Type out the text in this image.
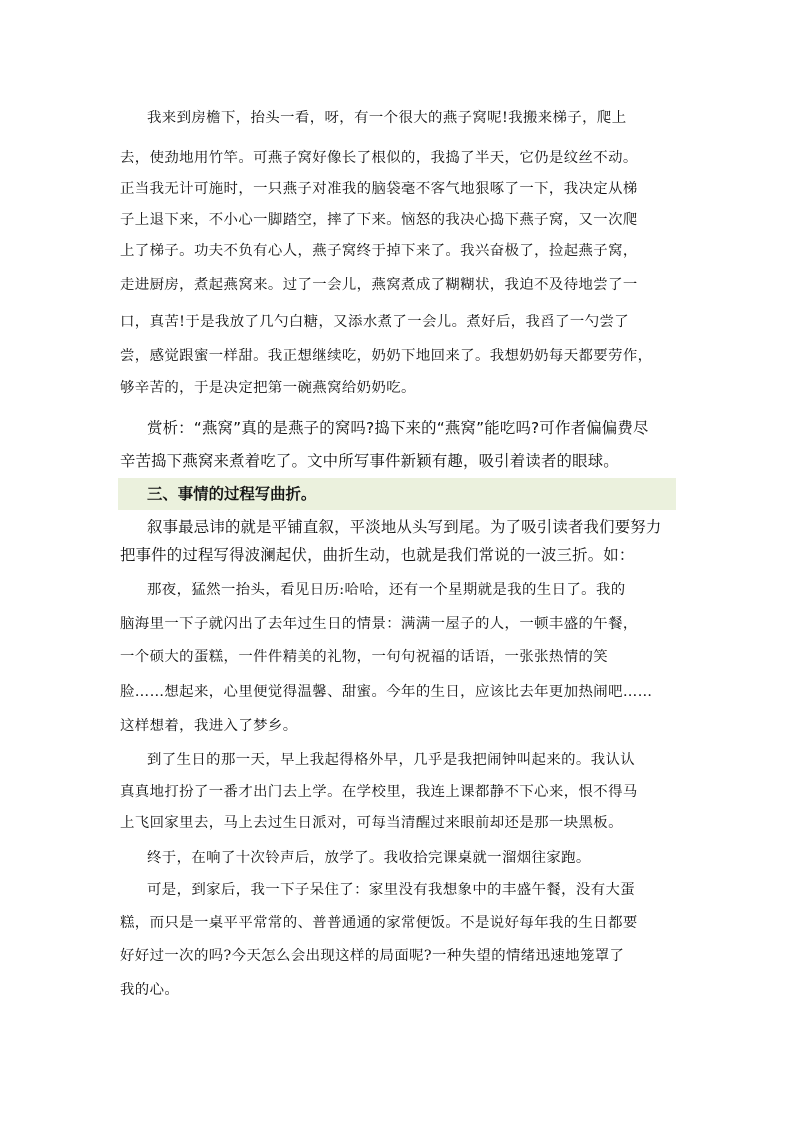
我来到房檐下，抬头一看，呀，有一个很大的燕子窝呢!我搬来梯子，爬上
去，使劲地用竹竿。可燕子窝好像长了根似的，我捣了半天，它仍是纹丝不动。
正当我无计可施时，一只燕子对准我的脑袋毫不客气地狠啄了一下，我决定从梯
子上退下来，不小心一脚踏空，摔了下来。恼怒的我决心捣下燕子窝，又一次爬
上了梯子。功夫不负有心人，燕子窝终于掉下来了。我兴奋极了，捡起燕子窝，
走进厨房，煮起燕窝来。过了一会儿，燕窝煮成了糊糊状，我迫不及待地尝了一
口，真苦!于是我放了几勺白糖，又添水煮了一会儿。煮好后，我舀了一勺尝了
尝，感觉跟蜜一样甜。我正想继续吃，奶奶下地回来了。我想奶奶每天都要劳作，
够辛苦的，于是决定把第一碗燕窝给奶奶吃。
赏析：“燕窝”真的是燕子的窝吗?捣下来的“燕窝”能吃吗?可作者偏偏费尽
辛苦捣下燕窝来煮着吃了。文中所写事件新颖有趣，吸引着读者的眼球。
三、事情的过程写曲折。
叙事最忌讳的就是平铺直叙，平淡地从头写到尾。为了吸引读者我们要努力
把事件的过程写得波澜起伏，曲折生动，也就是我们常说的一波三折。如：
那夜，猛然一抬头，看见日历:哈哈，还有一个星期就是我的生日了。我的
脑海里一下子就闪出了去年过生日的情景：满满一屋子的人，一顿丰盛的午餐，
一个硕大的蛋糕，一件件精美的礼物，一句句祝福的话语，一张张热情的笑
脸……想起来，心里便觉得温馨、甜蜜。今年的生日，应该比去年更加热闹吧……
这样想着，我进入了梦乡。
到了生日的那一天，早上我起得格外早，几乎是我把闹钟叫起来的。我认认
真真地打扮了一番才出门去上学。在学校里，我连上课都静不下心来，恨不得马
上飞回家里去，马上去过生日派对，可每当清醒过来眼前却还是那一块黑板。
终于，在响了十次铃声后，放学了。我收拾完课桌就一溜烟往家跑。
可是，到家后，我一下子呆住了：家里没有我想象中的丰盛午餐，没有大蛋
糕，而只是一桌平平常常的、普普通通的家常便饭。不是说好每年我的生日都要
好好过一次的吗?今天怎么会出现这样的局面呢?一种失望的情绪迅速地笼罩了
我的心。
